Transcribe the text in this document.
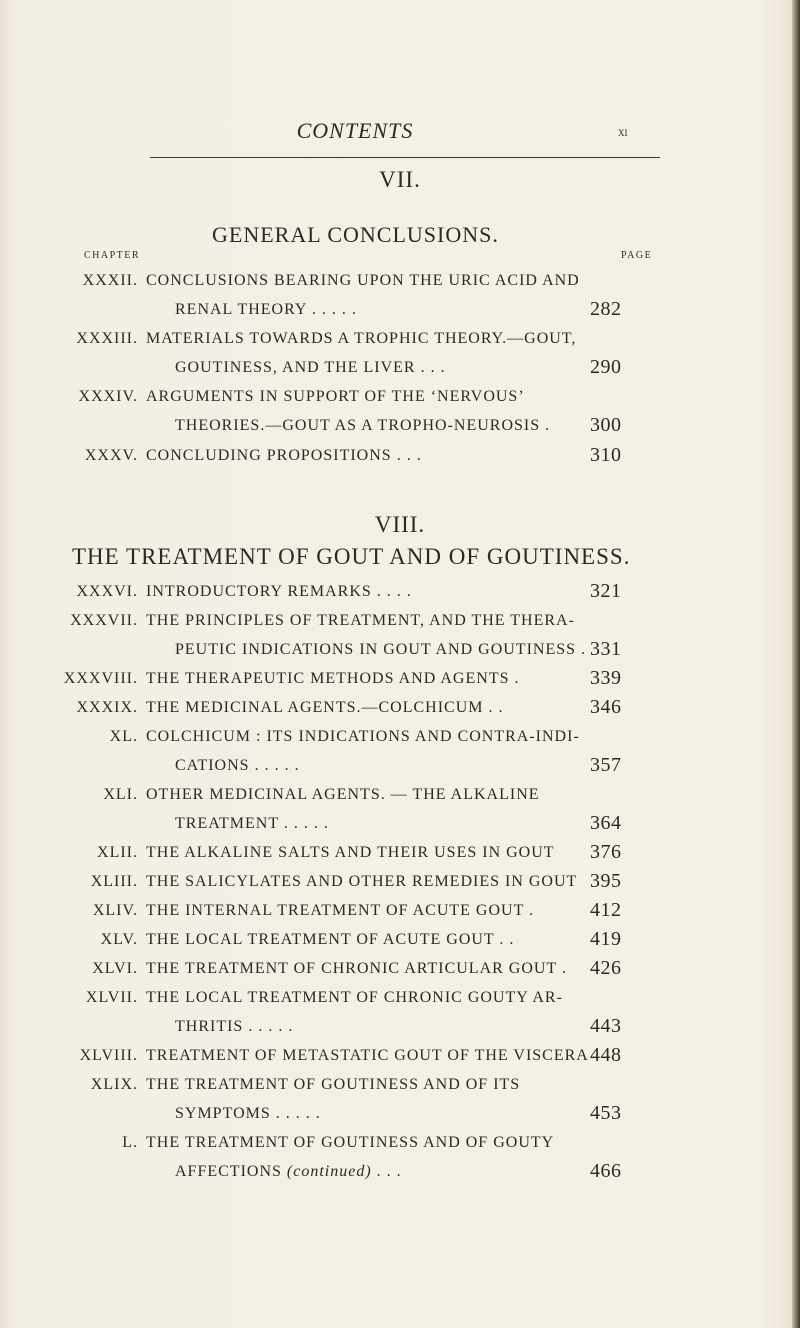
CONTENTS	xi
VII.
GENERAL CONCLUSIONS.
CHAPTER	PAGE
XXXII. CONCLUSIONS BEARING UPON THE URIC ACID AND
RENAL THEORY . . . . .	282
XXXIII. MATERIALS TOWARDS A TROPHIC THEORY.—GOUT,
GOUTINESS, AND THE LIVER . . .	290
XXXIV. ARGUMENTS IN SUPPORT OF THE ‘NERVOUS’
THEORIES.—GOUT AS A TROPHO-NEUROSIS . 300
XXXV. CONCLUDING PROPOSITIONS . . .	310
VIII.
THE TREATMENT OF GOUT AND OF GOUTINESS.
XXXVI. INTRODUCTORY REMARKS . . . .	321
XXXVII. THE PRINCIPLES OF TREATMENT, AND THE THERA-
PEUTIC INDICATIONS IN GOUT AND GOUTINESS . 331
XXXVIII. THE THERAPEUTIC METHODS AND AGENTS .	339
XXXIX. THE MEDICINAL AGENTS.—COLCHICUM . .	346
XL. COLCHICUM : ITS INDICATIONS AND CONTRA-INDI-
CATIONS . . . . .	357
XLI. OTHER MEDICINAL AGENTS. — THE ALKALINE
TREATMENT . . . . .	364
XLII. THE ALKALINE SALTS AND THEIR USES IN GOUT 376
XLIII. THE SALICYLATES AND OTHER REMEDIES IN GOUT 395
XLIV. THE INTERNAL TREATMENT OF ACUTE GOUT .	412
XLV. THE LOCAL TREATMENT OF ACUTE GOUT . .	419
XLVI. THE TREATMENT OF CHRONIC ARTICULAR GOUT . 426
XLVII. THE LOCAL TREATMENT OF CHRONIC GOUTY AR-
THRITIS . . . . .	443
XLVIII. TREATMENT OF METASTATIC GOUT OF THE VISCERA 448
XLIX. THE TREATMENT OF GOUTINESS AND OF ITS
SYMPTOMS . . . . .	453
L. THE TREATMENT OF GOUTINESS AND OF GOUTY
AFFECTIONS (continued) . . .	466
